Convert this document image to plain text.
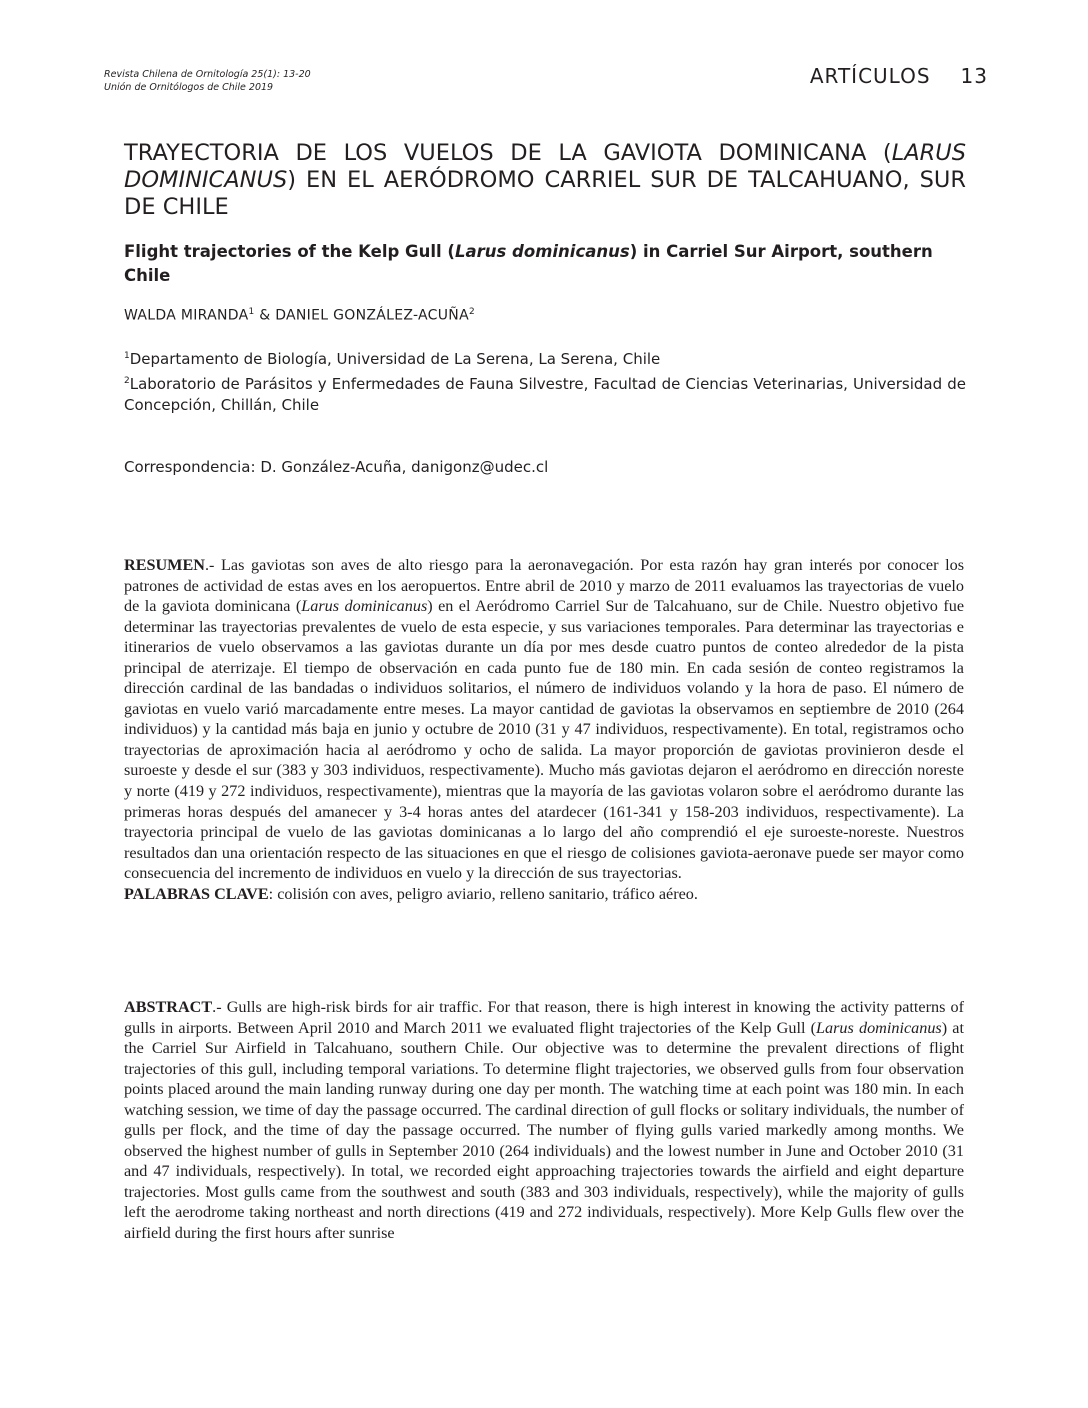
Revista Chilena de Ornitología 25(1): 13-20
Unión de Ornitólogos de Chile 2019	ARTÍCULOS 13
TRAYECTORIA DE LOS VUELOS DE LA GAVIOTA DOMINICANA (LARUS DOMINICANUS) EN EL AERÓDROMO CARRIEL SUR DE TALCAHUANO, SUR DE CHILE
Flight trajectories of the Kelp Gull (Larus dominicanus) in Carriel Sur Airport, southern Chile
WALDA MIRANDA$^1$ & DANIEL GONZÁLEZ-ACUÑA$^2$
$^1$Departamento de Biología, Universidad de La Serena, La Serena, Chile
$^2$Laboratorio de Parásitos y Enfermedades de Fauna Silvestre, Facultad de Ciencias Veterinarias, Universidad de Concepción, Chillán, Chile
Correspondencia: D. González-Acuña, danigonz@udec.cl
RESUMEN.- Las gaviotas son aves de alto riesgo para la aeronavegación. Por esta razón hay gran interés por conocer los patrones de actividad de estas aves en los aeropuertos. Entre abril de 2010 y marzo de 2011 evaluamos las trayectorias de vuelo de la gaviota dominicana (Larus dominicanus) en el Aeródromo Carriel Sur de Talcahuano, sur de Chile. Nuestro objetivo fue determinar las trayectorias prevalentes de vuelo de esta especie, y sus variaciones temporales. Para determinar las trayectorias e itinerarios de vuelo observamos a las gaviotas durante un día por mes desde cuatro puntos de conteo alrededor de la pista principal de aterrizaje. El tiempo de observación en cada punto fue de 180 min. En cada sesión de conteo registramos la dirección cardinal de las bandadas o individuos solitarios, el número de individuos volando y la hora de paso. El número de gaviotas en vuelo varió marcadamente entre meses. La mayor cantidad de gaviotas la observamos en septiembre de 2010 (264 individuos) y la cantidad más baja en junio y octubre de 2010 (31 y 47 individuos, respectivamente). En total, registramos ocho trayectorias de aproximación hacia al aeródromo y ocho de salida. La mayor proporción de gaviotas provinieron desde el suroeste y desde el sur (383 y 303 individuos, respectivamente). Mucho más gaviotas dejaron el aeródromo en dirección noreste y norte (419 y 272 individuos, respectivamente), mientras que la mayoría de las gaviotas volaron sobre el aeródromo durante las primeras horas después del amanecer y 3-4 horas antes del atardecer (161-341 y 158-203 individuos, respectivamente). La trayectoria principal de vuelo de las gaviotas dominicanas a lo largo del año comprendió el eje suroeste-noreste. Nuestros resultados dan una orientación respecto de las situaciones en que el riesgo de colisiones gaviota-aeronave puede ser mayor como consecuencia del incremento de individuos en vuelo y la dirección de sus trayectorias.
PALABRAS CLAVE: colisión con aves, peligro aviario, relleno sanitario, tráfico aéreo.
ABSTRACT.- Gulls are high-risk birds for air traffic. For that reason, there is high interest in knowing the activity patterns of gulls in airports. Between April 2010 and March 2011 we evaluated flight trajectories of the Kelp Gull (Larus dominicanus) at the Carriel Sur Airfield in Talcahuano, southern Chile. Our objective was to determine the prevalent directions of flight trajectories of this gull, including temporal variations. To determine flight trajectories, we observed gulls from four observation points placed around the main landing runway during one day per month. The watching time at each point was 180 min. In each watching session, we time of day the passage occurred. The cardinal direction of gull flocks or solitary individuals, the number of gulls per flock, and the time of day the passage occurred. The number of flying gulls varied markedly among months. We observed the highest number of gulls in September 2010 (264 individuals) and the lowest number in June and October 2010 (31 and 47 individuals, respectively). In total, we recorded eight approaching trajectories towards the airfield and eight departure trajectories. Most gulls came from the southwest and south (383 and 303 individuals, respectively), while the majority of gulls left the aerodrome taking northeast and north directions (419 and 272 individuals, respectively). More Kelp Gulls flew over the airfield during the first hours after sunrise
